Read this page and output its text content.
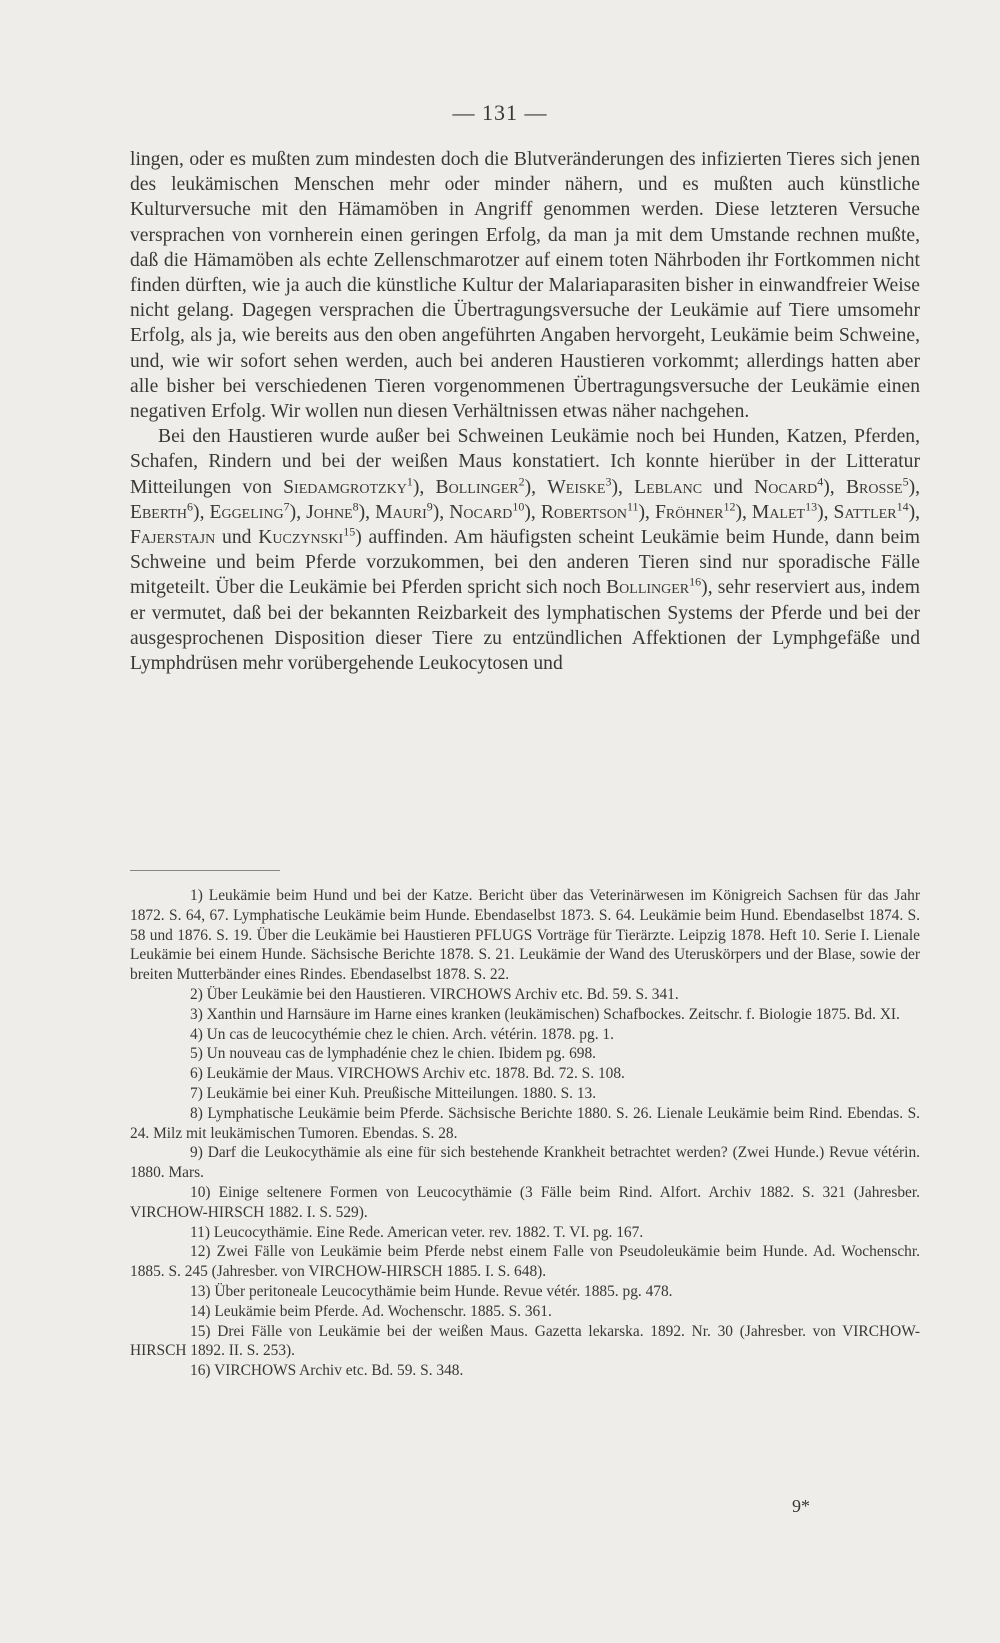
— 131 —

lingen, oder es mußten zum mindesten doch die Blutveränderungen des infizierten Tieres sich jenen des leukämischen Menschen mehr oder minder nähern, und es mußten auch künstliche Kulturversuche mit den Hämamöben in Angriff genommen werden. Diese letzteren Versuche versprachen von vornherein einen geringen Erfolg, da man ja mit dem Umstande rechnen mußte, daß die Hämamöben als echte Zellenschmarotzer auf einem toten Nährboden ihr Fortkommen nicht finden dürften, wie ja auch die künstliche Kultur der Malariaparasiten bisher in einwandfreier Weise nicht gelang. Dagegen versprachen die Übertragungsversuche der Leukämie auf Tiere umsomehr Erfolg, als ja, wie bereits aus den oben angeführten Angaben hervorgeht, Leukämie beim Schweine, und, wie wir sofort sehen werden, auch bei anderen Haustieren vorkommt; allerdings hatten aber alle bisher bei verschiedenen Tieren vorgenommenen Übertragungsversuche der Leukämie einen negativen Erfolg. Wir wollen nun diesen Verhältnissen etwas näher nachgehen.

Bei den Haustieren wurde außer bei Schweinen Leukämie noch bei Hunden, Katzen, Pferden, Schafen, Rindern und bei der weißen Maus konstatiert. Ich konnte hierüber in der Litteratur Mitteilungen von Siedamgrotzky$^1$), Bollinger$^2$), Weiske$^3$), Leblanc und Nocard$^4$), Brosse$^5$), Eberth$^6$), Eggeling$^7$), Johne$^8$), Mauri$^9$), Nocard$^{10}$), Robertson$^{11}$), Fröhner$^{12}$), Malet$^{13}$), Sattler$^{14}$), Fajerstajn und Kuczynski$^{15}$) auffinden. Am häufigsten scheint Leukämie beim Hunde, dann beim Schweine und beim Pferde vorzukommen, bei den anderen Tieren sind nur sporadische Fälle mitgeteilt. Über die Leukämie bei Pferden spricht sich noch Bollinger$^{16}$), sehr reserviert aus, indem er vermutet, daß bei der bekannten Reizbarkeit des lymphatischen Systems der Pferde und bei der ausgesprochenen Disposition dieser Tiere zu entzündlichen Affektionen der Lymphgefäße und Lymphdrüsen mehr vorübergehende Leukocytosen und

1) Leukämie beim Hund und bei der Katze. Bericht über das Veterinärwesen im Königreich Sachsen für das Jahr 1872. S. 64, 67. Lymphatische Leukämie beim Hunde. Ebendaselbst 1873. S. 64. Leukämie beim Hund. Ebendaselbst 1874. S. 58 und 1876. S. 19. Über die Leukämie bei Haustieren PFLUGS Vorträge für Tierärzte. Leipzig 1878. Heft 10. Serie I. Lienale Leukämie bei einem Hunde. Sächsische Berichte 1878. S. 21. Leukämie der Wand des Uteruskörpers und der Blase, sowie der breiten Mutterbänder eines Rindes. Ebendaselbst 1878. S. 22.

2) Über Leukämie bei den Haustieren. VIRCHOWS Archiv etc. Bd. 59. S. 341.

3) Xanthin und Harnsäure im Harne eines kranken (leukämischen) Schafbockes. Zeitschr. f. Biologie 1875. Bd. XI.

4) Un cas de leucocythémie chez le chien. Arch. vétérin. 1878. pg. 1.

5) Un nouveau cas de lymphadénie chez le chien. Ibidem pg. 698.

6) Leukämie der Maus. VIRCHOWS Archiv etc. 1878. Bd. 72. S. 108.

7) Leukämie bei einer Kuh. Preußische Mitteilungen. 1880. S. 13.

8) Lymphatische Leukämie beim Pferde. Sächsische Berichte 1880. S. 26. Lienale Leukämie beim Rind. Ebendas. S. 24. Milz mit leukämischen Tumoren. Ebendas. S. 28.

9) Darf die Leukocythämie als eine für sich bestehende Krankheit betrachtet werden? (Zwei Hunde.) Revue vétérin. 1880. Mars.

10) Einige seltenere Formen von Leucocythämie (3 Fälle beim Rind. Alfort. Archiv 1882. S. 321 (Jahresber. VIRCHOW-HIRSCH 1882. I. S. 529).

11) Leucocythämie. Eine Rede. American veter. rev. 1882. T. VI. pg. 167.

12) Zwei Fälle von Leukämie beim Pferde nebst einem Falle von Pseudoleukämie beim Hunde. Ad. Wochenschr. 1885. S. 245 (Jahresber. von VIRCHOW-HIRSCH 1885. I. S. 648).

13) Über peritoneale Leucocythämie beim Hunde. Revue vétér. 1885. pg. 478.

14) Leukämie beim Pferde. Ad. Wochenschr. 1885. S. 361.

15) Drei Fälle von Leukämie bei der weißen Maus. Gazetta lekarska. 1892. Nr. 30 (Jahresber. von VIRCHOW-HIRSCH 1892. II. S. 253).

16) VIRCHOWS Archiv etc. Bd. 59. S. 348.

9*
